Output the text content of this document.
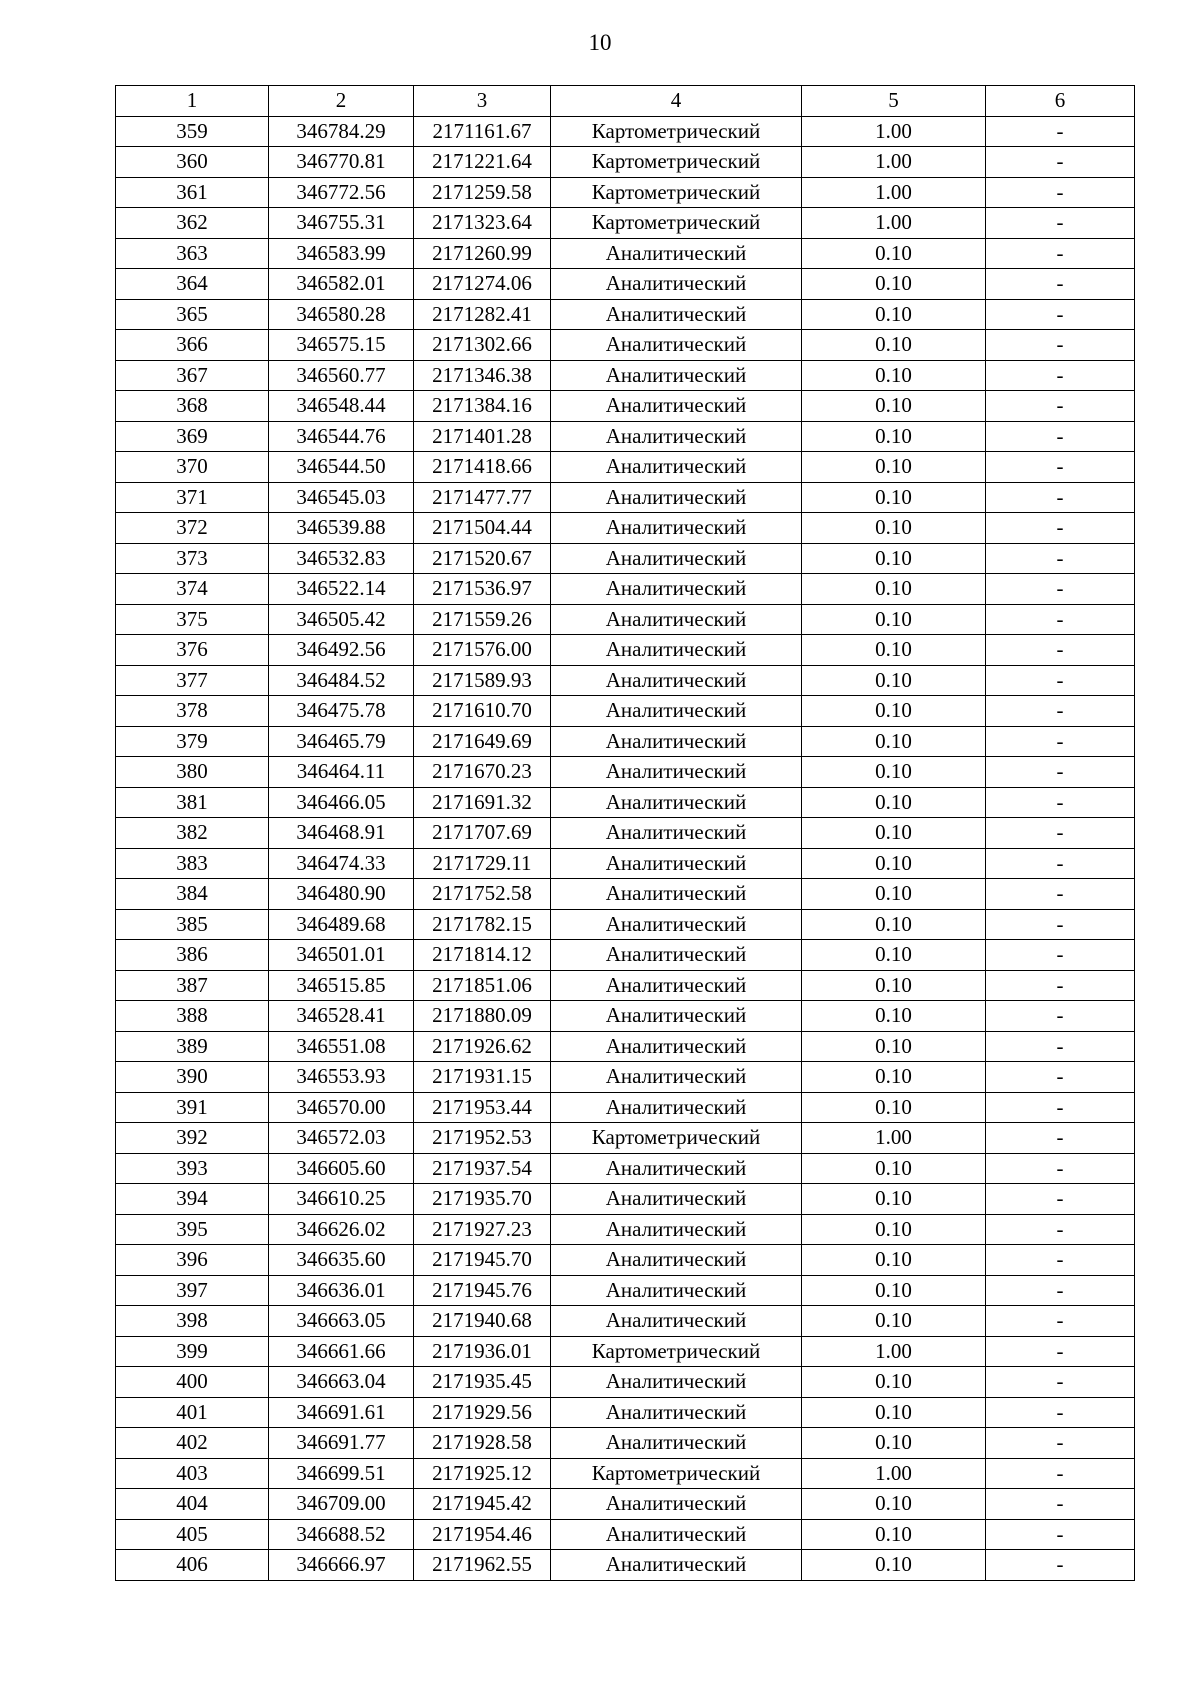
10
1	2	3	4	5	6
359	346784.29	2171161.67	Картометрический	1.00	-
360	346770.81	2171221.64	Картометрический	1.00	-
361	346772.56	2171259.58	Картометрический	1.00	-
362	346755.31	2171323.64	Картометрический	1.00	-
363	346583.99	2171260.99	Аналитический	0.10	-
364	346582.01	2171274.06	Аналитический	0.10	-
365	346580.28	2171282.41	Аналитический	0.10	-
366	346575.15	2171302.66	Аналитический	0.10	-
367	346560.77	2171346.38	Аналитический	0.10	-
368	346548.44	2171384.16	Аналитический	0.10	-
369	346544.76	2171401.28	Аналитический	0.10	-
370	346544.50	2171418.66	Аналитический	0.10	-
371	346545.03	2171477.77	Аналитический	0.10	-
372	346539.88	2171504.44	Аналитический	0.10	-
373	346532.83	2171520.67	Аналитический	0.10	-
374	346522.14	2171536.97	Аналитический	0.10	-
375	346505.42	2171559.26	Аналитический	0.10	-
376	346492.56	2171576.00	Аналитический	0.10	-
377	346484.52	2171589.93	Аналитический	0.10	-
378	346475.78	2171610.70	Аналитический	0.10	-
379	346465.79	2171649.69	Аналитический	0.10	-
380	346464.11	2171670.23	Аналитический	0.10	-
381	346466.05	2171691.32	Аналитический	0.10	-
382	346468.91	2171707.69	Аналитический	0.10	-
383	346474.33	2171729.11	Аналитический	0.10	-
384	346480.90	2171752.58	Аналитический	0.10	-
385	346489.68	2171782.15	Аналитический	0.10	-
386	346501.01	2171814.12	Аналитический	0.10	-
387	346515.85	2171851.06	Аналитический	0.10	-
388	346528.41	2171880.09	Аналитический	0.10	-
389	346551.08	2171926.62	Аналитический	0.10	-
390	346553.93	2171931.15	Аналитический	0.10	-
391	346570.00	2171953.44	Аналитический	0.10	-
392	346572.03	2171952.53	Картометрический	1.00	-
393	346605.60	2171937.54	Аналитический	0.10	-
394	346610.25	2171935.70	Аналитический	0.10	-
395	346626.02	2171927.23	Аналитический	0.10	-
396	346635.60	2171945.70	Аналитический	0.10	-
397	346636.01	2171945.76	Аналитический	0.10	-
398	346663.05	2171940.68	Аналитический	0.10	-
399	346661.66	2171936.01	Картометрический	1.00	-
400	346663.04	2171935.45	Аналитический	0.10	-
401	346691.61	2171929.56	Аналитический	0.10	-
402	346691.77	2171928.58	Аналитический	0.10	-
403	346699.51	2171925.12	Картометрический	1.00	-
404	346709.00	2171945.42	Аналитический	0.10	-
405	346688.52	2171954.46	Аналитический	0.10	-
406	346666.97	2171962.55	Аналитический	0.10	-
